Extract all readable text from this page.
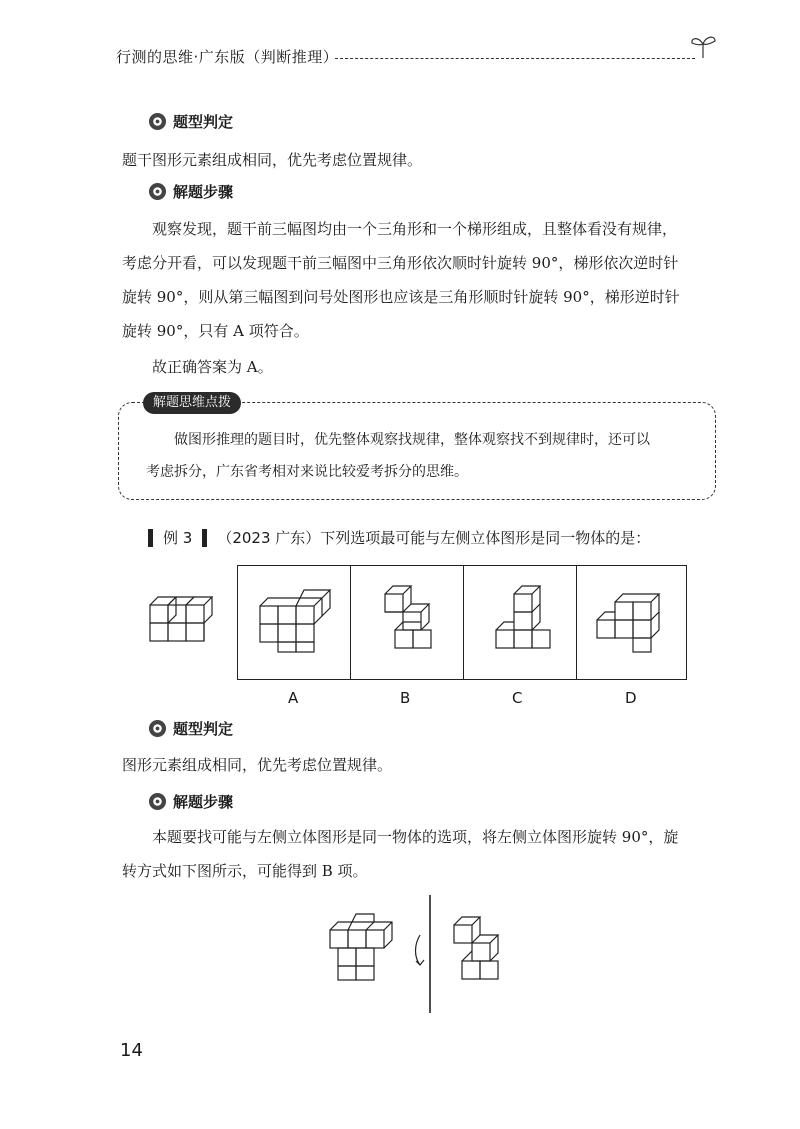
行测的思维·广东版（判断推理）
题型判定
题干图形元素组成相同，优先考虑位置规律。
解题步骤
观察发现，题干前三幅图均由一个三角形和一个梯形组成，且整体看没有规律，
考虑分开看，可以发现题干前三幅图中三角形依次顺时针旋转 90°，梯形依次逆时针
旋转 90°，则从第三幅图到问号处图形也应该是三角形顺时针旋转 90°，梯形逆时针
旋转 90°，只有 A 项符合。
故正确答案为 A。
解题思维点拨
做图形推理的题目时，优先整体观察找规律，整体观察找不到规律时，还可以
考虑拆分，广东省考相对来说比较爱考拆分的思维。
例 3 （2023 广东）下列选项最可能与左侧立体图形是同一物体的是：
A	B	C	D
题型判定
图形元素组成相同，优先考虑位置规律。
解题步骤
本题要找可能与左侧立体图形是同一物体的选项，将左侧立体图形旋转 90°，旋
转方式如下图所示，可能得到 B 项。
14
